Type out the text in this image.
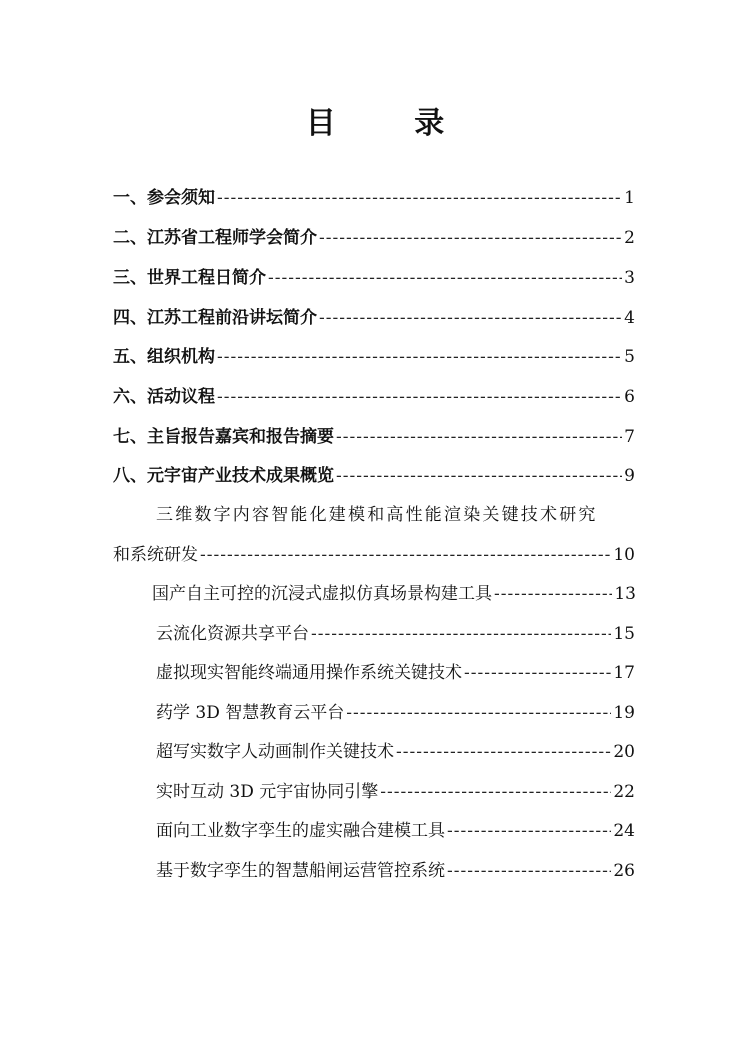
目 录
一、参会须知 -----	1
二、江苏省工程师学会简介 -----	2
三、世界工程日简介 -----	3
四、江苏工程前沿讲坛简介 -----	4
五、组织机构 -----	5
六、活动议程 -----	6
七、主旨报告嘉宾和报告摘要 -----	7
八、元宇宙产业技术成果概览 -----	9
三维数字内容智能化建模和高性能渲染关键技术研究
和系统研发 -----	10
国产自主可控的沉浸式虚拟仿真场景构建工具 -----	13
云流化资源共享平台 -----	15
虚拟现实智能终端通用操作系统关键技术 -----	17
药学 3D 智慧教育云平台 -----	19
超写实数字人动画制作关键技术 -----	20
实时互动 3D 元宇宙协同引擎 -----	22
面向工业数字孪生的虚实融合建模工具 -----	24
基于数字孪生的智慧船闸运营管控系统 -----	26
